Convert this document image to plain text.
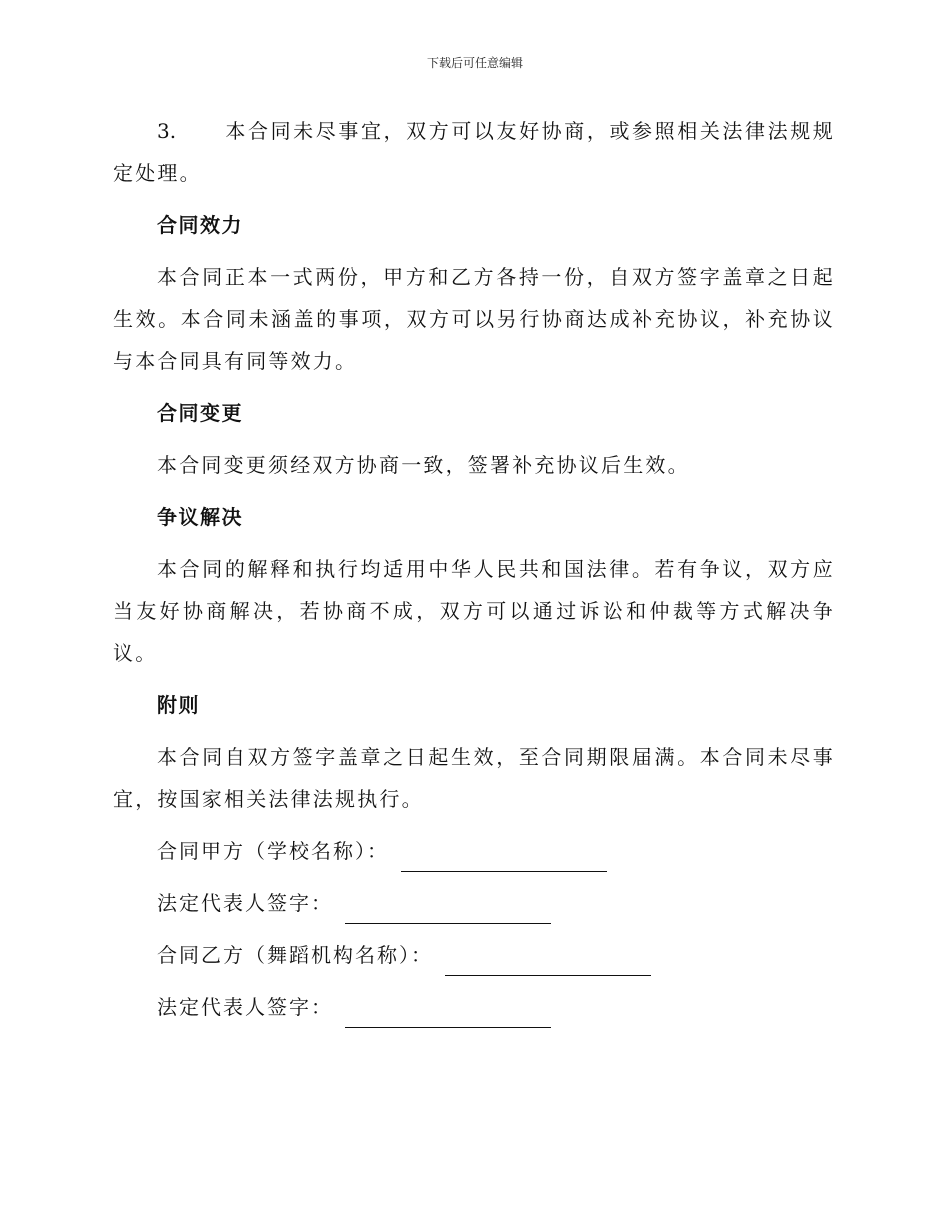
下载后可任意编辑

3. 本合同未尽事宜，双方可以友好协商，或参照相关法律法规规定处理。

合同效力

本合同正本一式两份，甲方和乙方各持一份，自双方签字盖章之日起生效。本合同未涵盖的事项，双方可以另行协商达成补充协议，补充协议与本合同具有同等效力。

合同变更

本合同变更须经双方协商一致，签署补充协议后生效。

争议解决

本合同的解释和执行均适用中华人民共和国法律。若有争议，双方应当友好协商解决，若协商不成，双方可以通过诉讼和仲裁等方式解决争议。

附则

本合同自双方签字盖章之日起生效，至合同期限届满。本合同未尽事宜，按国家相关法律法规执行。

合同甲方（学校名称）：
法定代表人签字：
合同乙方（舞蹈机构名称）：
法定代表人签字：
